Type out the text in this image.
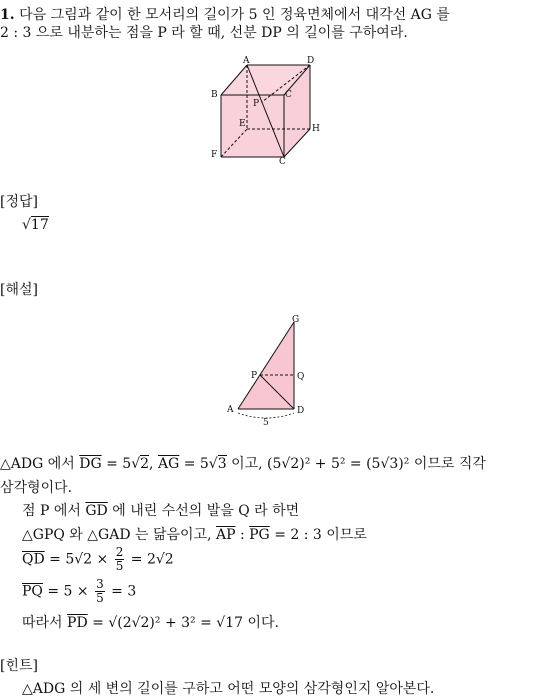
1. 다음 그림과 같이 한 모서리의 길이가 5 인 정육면체에서 대각선 AG 를
2 : 3 으로 내분하는 점을 P 라 할 때, 선분 DP 의 길이를 구하여라.
A
B	C
D
E
F
C
H
P
[정답]
√17
[해설]
G
P	Q
A	D
5
△ADG 에서 $\overline{DG} = 5√2$, $\overline{AG} = 5√3$ 이고, (5√2)² + 5² = (5√3)² 이므로 직각
삼각형이다.
점 P 에서 $\overline{GD}$ 에 내린 수선의 발을 Q 라 하면
△GPQ 와 △GAD 는 닮음이고, $\overline{AP}$ : $\overline{PG} = 2$ : 3 이므로
$\overline{QD} = 5√2 \times \frac{2}{5} = 2√2$
$\overline{PQ} = 5 \times \frac{3}{5} = 3$
따라서 $\overline{PD} = √(2√2)^2 + 3^2 = √17$ 이다.
[힌트]
△ADG 의 세 변의 길이를 구하고 어떤 모양의 삼각형인지 알아본다.
